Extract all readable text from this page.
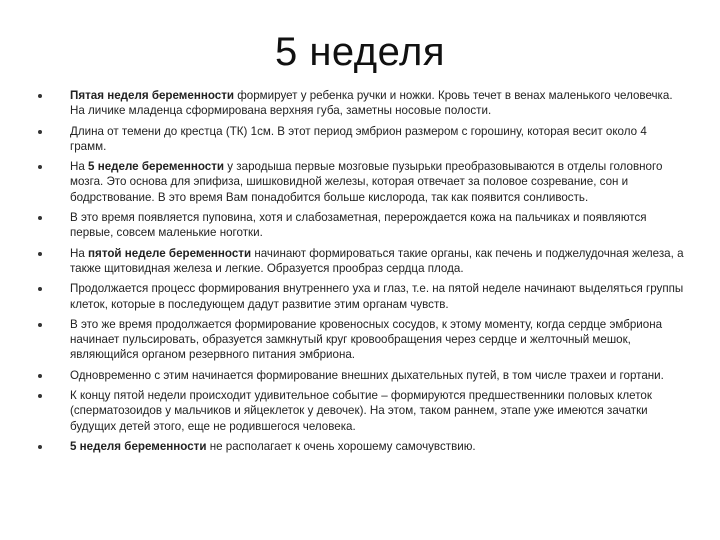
5 неделя
Пятая неделя беременности формирует у ребенка ручки и ножки. Кровь течет в венах маленького человечка. На личике младенца сформирована верхняя губа, заметны носовые полости.
Длина от темени до крестца (ТК) 1см. В этот период эмбрион размером с горошину, которая весит около 4 грамм.
На 5 неделе беременности у зародыша первые мозговые пузырьки преобразовываются в отделы головного мозга. Это основа для эпифиза, шишковидной железы, которая отвечает за половое созревание, сон и бодрствование. В это время Вам понадобится больше кислорода, так как появится сонливость.
В это время появляется пуповина, хотя и слабозаметная, перерождается кожа на пальчиках и появляются первые, совсем маленькие ноготки.
На пятой неделе беременности начинают формироваться такие органы, как печень и поджелудочная железа, а также щитовидная железа и легкие. Образуется прообраз сердца плода.
Продолжается процесс формирования внутреннего уха и глаз, т.е. на пятой неделе начинают выделяться группы клеток, которые в последующем дадут развитие этим органам чувств.
В это же время продолжается формирование кровеносных сосудов, к этому моменту, когда сердце эмбриона начинает пульсировать, образуется замкнутый круг кровообращения через сердце и желточный мешок, являющийся органом резервного питания эмбриона.
Одновременно с этим начинается формирование внешних дыхательных путей, в том числе трахеи и гортани.
К концу пятой недели происходит удивительное событие – формируются предшественники половых клеток (сперматозоидов у мальчиков и яйцеклеток у девочек). На этом, таком раннем, этапе уже имеются зачатки будущих детей этого, еще не родившегося человека.
5 неделя беременности не располагает к очень хорошему самочувствию.
